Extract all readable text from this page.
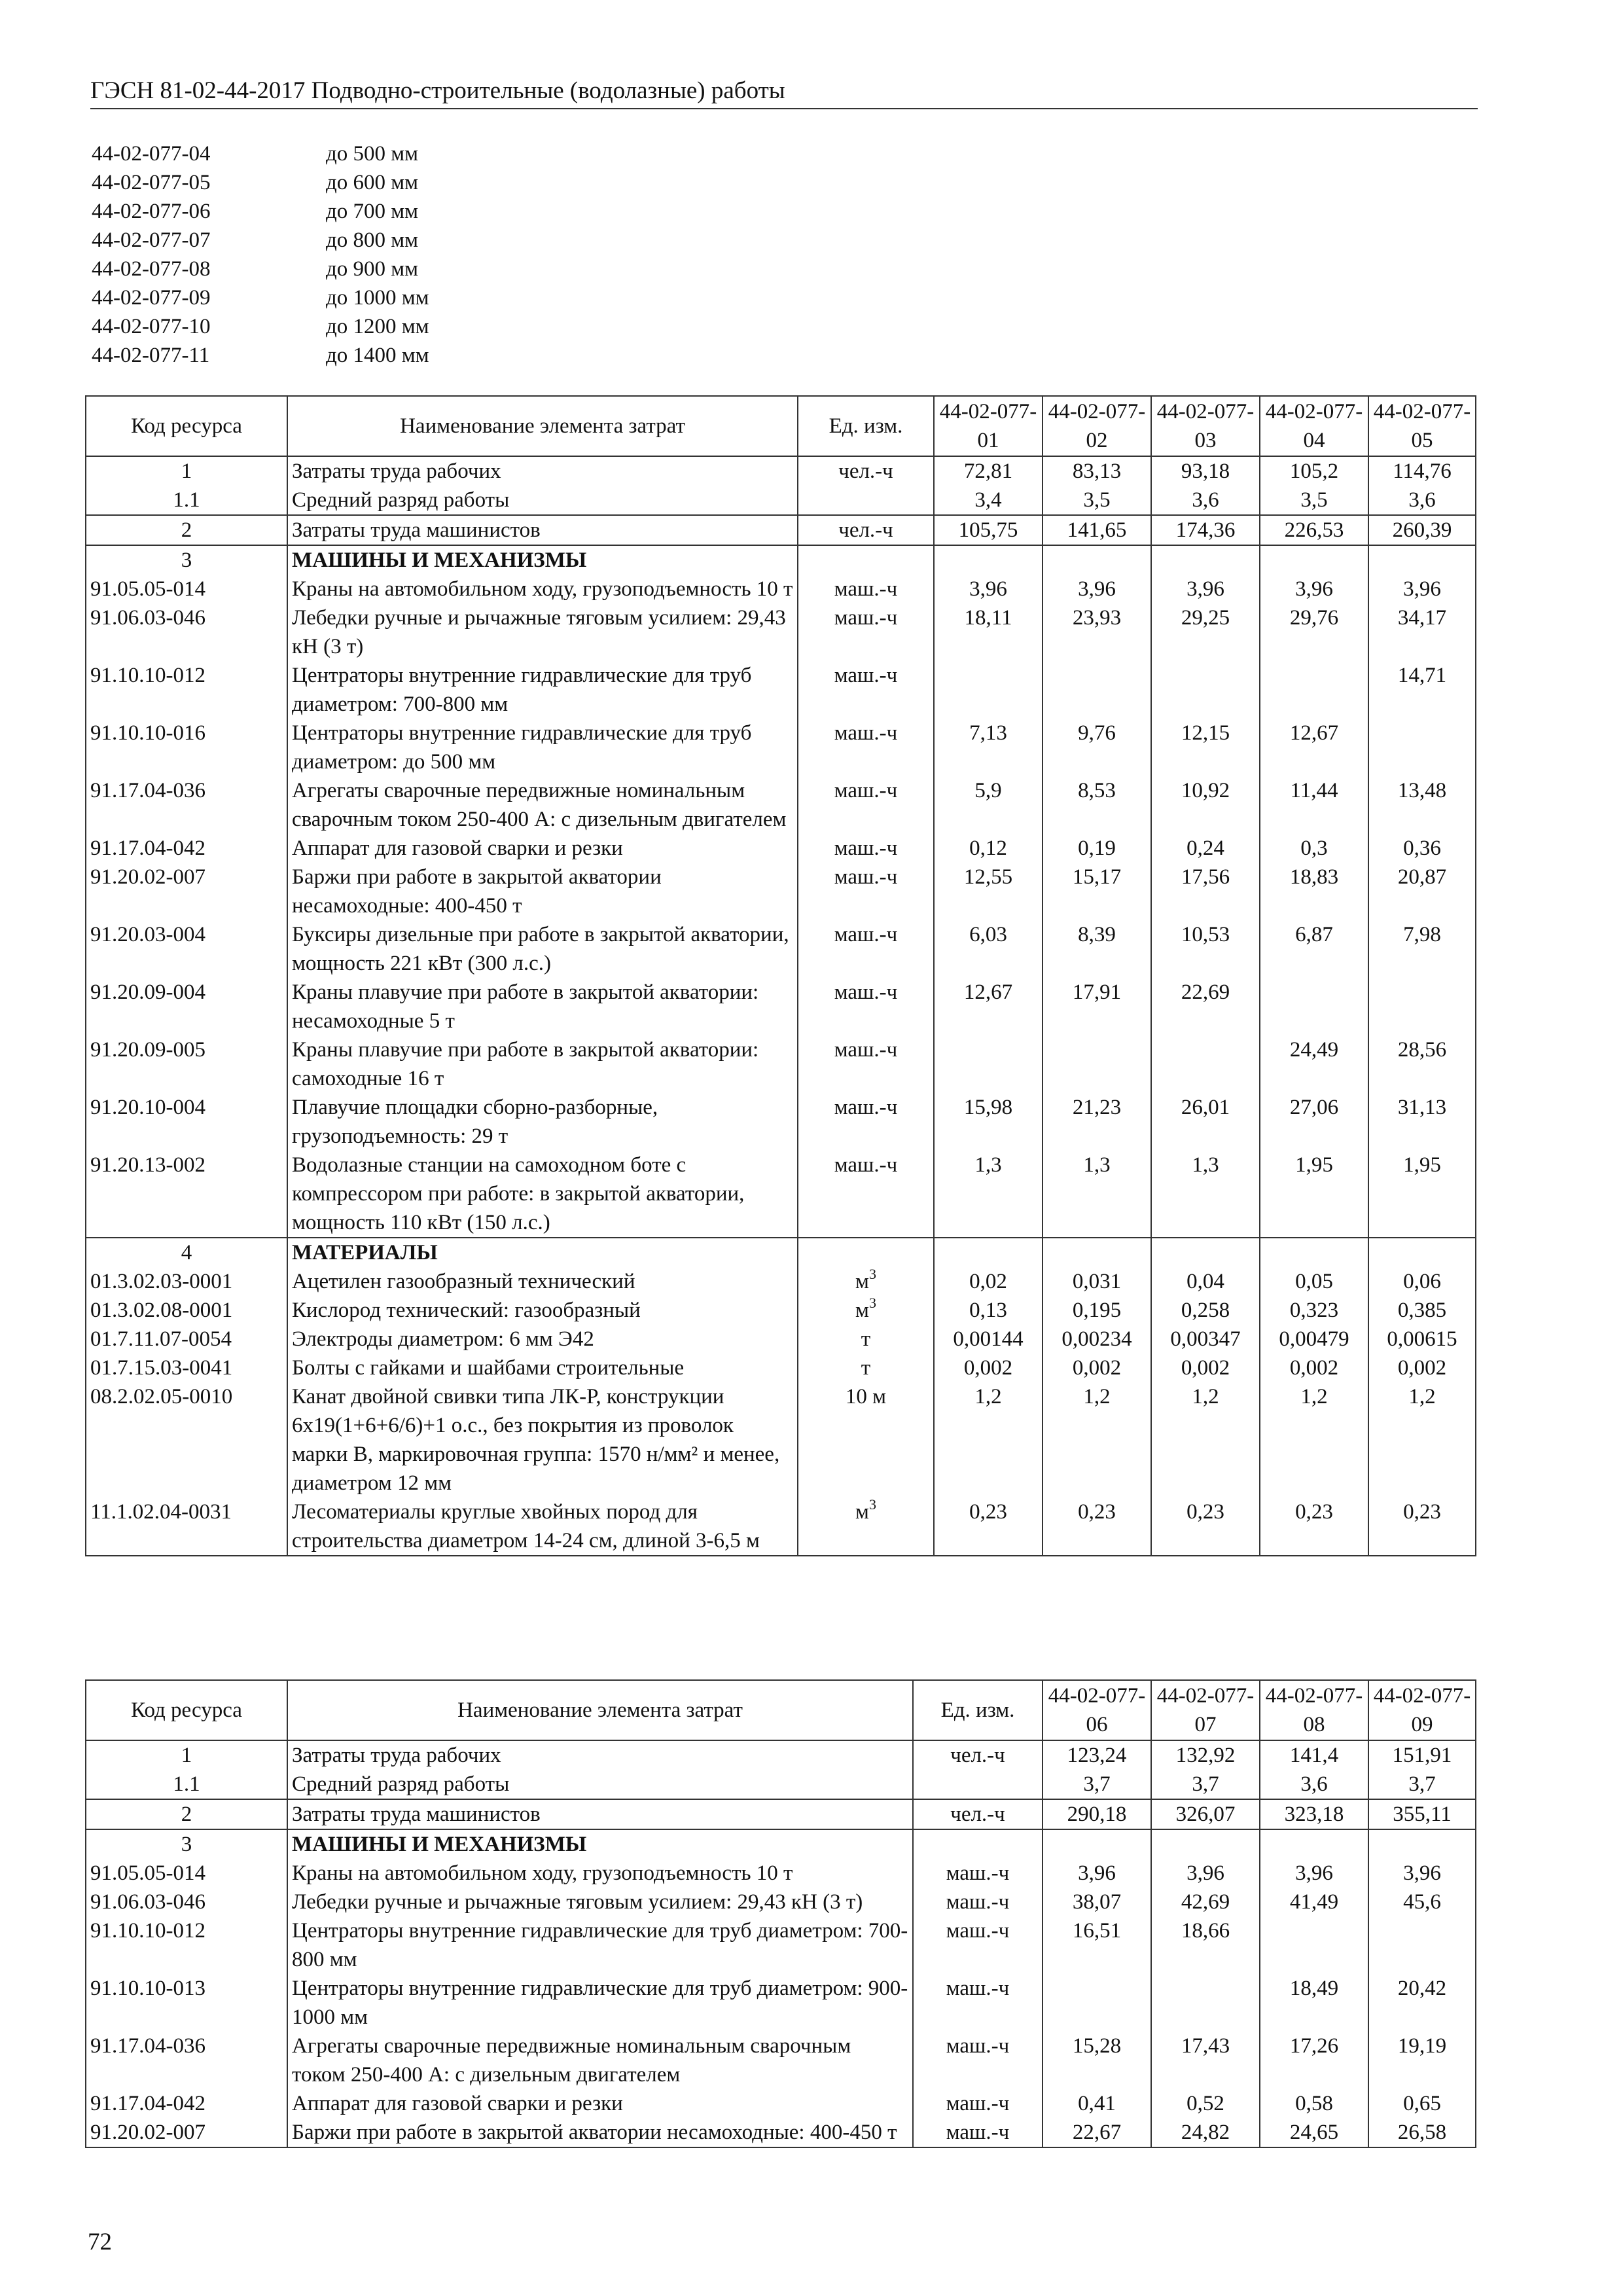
ГЭСН 81-02-44-2017 Подводно-строительные (водолазные) работы
44-02-077-04	до 500 мм
44-02-077-05	до 600 мм
44-02-077-06	до 700 мм
44-02-077-07	до 800 мм
44-02-077-08	до 900 мм
44-02-077-09	до 1000 мм
44-02-077-10	до 1200 мм
44-02-077-11	до 1400 мм
Код ресурса	Наименование элемента затрат	Ед. изм.	44-02-077-01	44-02-077-02	44-02-077-03	44-02-077-04	44-02-077-05
1	Затраты труда рабочих	чел.-ч	72,81	83,13	93,18	105,2	114,76
1.1	Средний разряд работы		3,4	3,5	3,6	3,5	3,6
2	Затраты труда машинистов	чел.-ч	105,75	141,65	174,36	226,53	260,39
3	МАШИНЫ И МЕХАНИЗМЫ						
91.05.05-014	Краны на автомобильном ходу, грузоподъемность 10 т	маш.-ч	3,96	3,96	3,96	3,96	3,96
91.06.03-046	Лебедки ручные и рычажные тяговым усилием: 29,43 кН (3 т)	маш.-ч	18,11	23,93	29,25	29,76	34,17
91.10.10-012	Центраторы внутренние гидравлические для труб диаметром: 700-800 мм	маш.-ч					14,71
91.10.10-016	Центраторы внутренние гидравлические для труб диаметром: до 500 мм	маш.-ч	7,13	9,76	12,15	12,67	
91.17.04-036	Агрегаты сварочные передвижные номинальным сварочным током 250-400 А: с дизельным двигателем	маш.-ч	5,9	8,53	10,92	11,44	13,48
91.17.04-042	Аппарат для газовой сварки и резки	маш.-ч	0,12	0,19	0,24	0,3	0,36
91.20.02-007	Баржи при работе в закрытой акватории несамоходные: 400-450 т	маш.-ч	12,55	15,17	17,56	18,83	20,87
91.20.03-004	Буксиры дизельные при работе в закрытой акватории, мощность 221 кВт (300 л.с.)	маш.-ч	6,03	8,39	10,53	6,87	7,98
91.20.09-004	Краны плавучие при работе в закрытой акватории: несамоходные 5 т	маш.-ч	12,67	17,91	22,69		
91.20.09-005	Краны плавучие при работе в закрытой акватории: самоходные 16 т	маш.-ч				24,49	28,56
91.20.10-004	Плавучие площадки сборно-разборные, грузоподъемность: 29 т	маш.-ч	15,98	21,23	26,01	27,06	31,13
91.20.13-002	Водолазные станции на самоходном боте с компрессором при работе: в закрытой акватории, мощность 110 кВт (150 л.с.)	маш.-ч	1,3	1,3	1,3	1,95	1,95
4	МАТЕРИАЛЫ						
01.3.02.03-0001	Ацетилен газообразный технический	$м^3$	0,02	0,031	0,04	0,05	0,06
01.3.02.08-0001	Кислород технический: газообразный	$м^3$	0,13	0,195	0,258	0,323	0,385
01.7.11.07-0054	Электроды диаметром: 6 мм Э42	т	0,00144	0,00234	0,00347	0,00479	0,00615
01.7.15.03-0041	Болты с гайками и шайбами строительные	т	0,002	0,002	0,002	0,002	0,002
08.2.02.05-0010	Канат двойной свивки типа ЛК-Р, конструкции 6х19(1+6+6/6)+1 о.с., без покрытия из проволок марки В, маркировочная группа: 1570 н/мм² и менее, диаметром 12 мм	10 м	1,2	1,2	1,2	1,2	1,2
11.1.02.04-0031	Лесоматериалы круглые хвойных пород для строительства диаметром 14-24 см, длиной 3-6,5 м	$м^3$	0,23	0,23	0,23	0,23	0,23
Код ресурса	Наименование элемента затрат	Ед. изм.	44-02-077-06	44-02-077-07	44-02-077-08	44-02-077-09
1	Затраты труда рабочих	чел.-ч	123,24	132,92	141,4	151,91
1.1	Средний разряд работы		3,7	3,7	3,6	3,7
2	Затраты труда машинистов	чел.-ч	290,18	326,07	323,18	355,11
3	МАШИНЫ И МЕХАНИЗМЫ					
91.05.05-014	Краны на автомобильном ходу, грузоподъемность 10 т	маш.-ч	3,96	3,96	3,96	3,96
91.06.03-046	Лебедки ручные и рычажные тяговым усилием: 29,43 кН (3 т)	маш.-ч	38,07	42,69	41,49	45,6
91.10.10-012	Центраторы внутренние гидравлические для труб диаметром: 700-800 мм	маш.-ч	16,51	18,66		
91.10.10-013	Центраторы внутренние гидравлические для труб диаметром: 900-1000 мм	маш.-ч			18,49	20,42
91.17.04-036	Агрегаты сварочные передвижные номинальным сварочным током 250-400 А: с дизельным двигателем	маш.-ч	15,28	17,43	17,26	19,19
91.17.04-042	Аппарат для газовой сварки и резки	маш.-ч	0,41	0,52	0,58	0,65
91.20.02-007	Баржи при работе в закрытой акватории несамоходные: 400-450 т	маш.-ч	22,67	24,82	24,65	26,58
72
